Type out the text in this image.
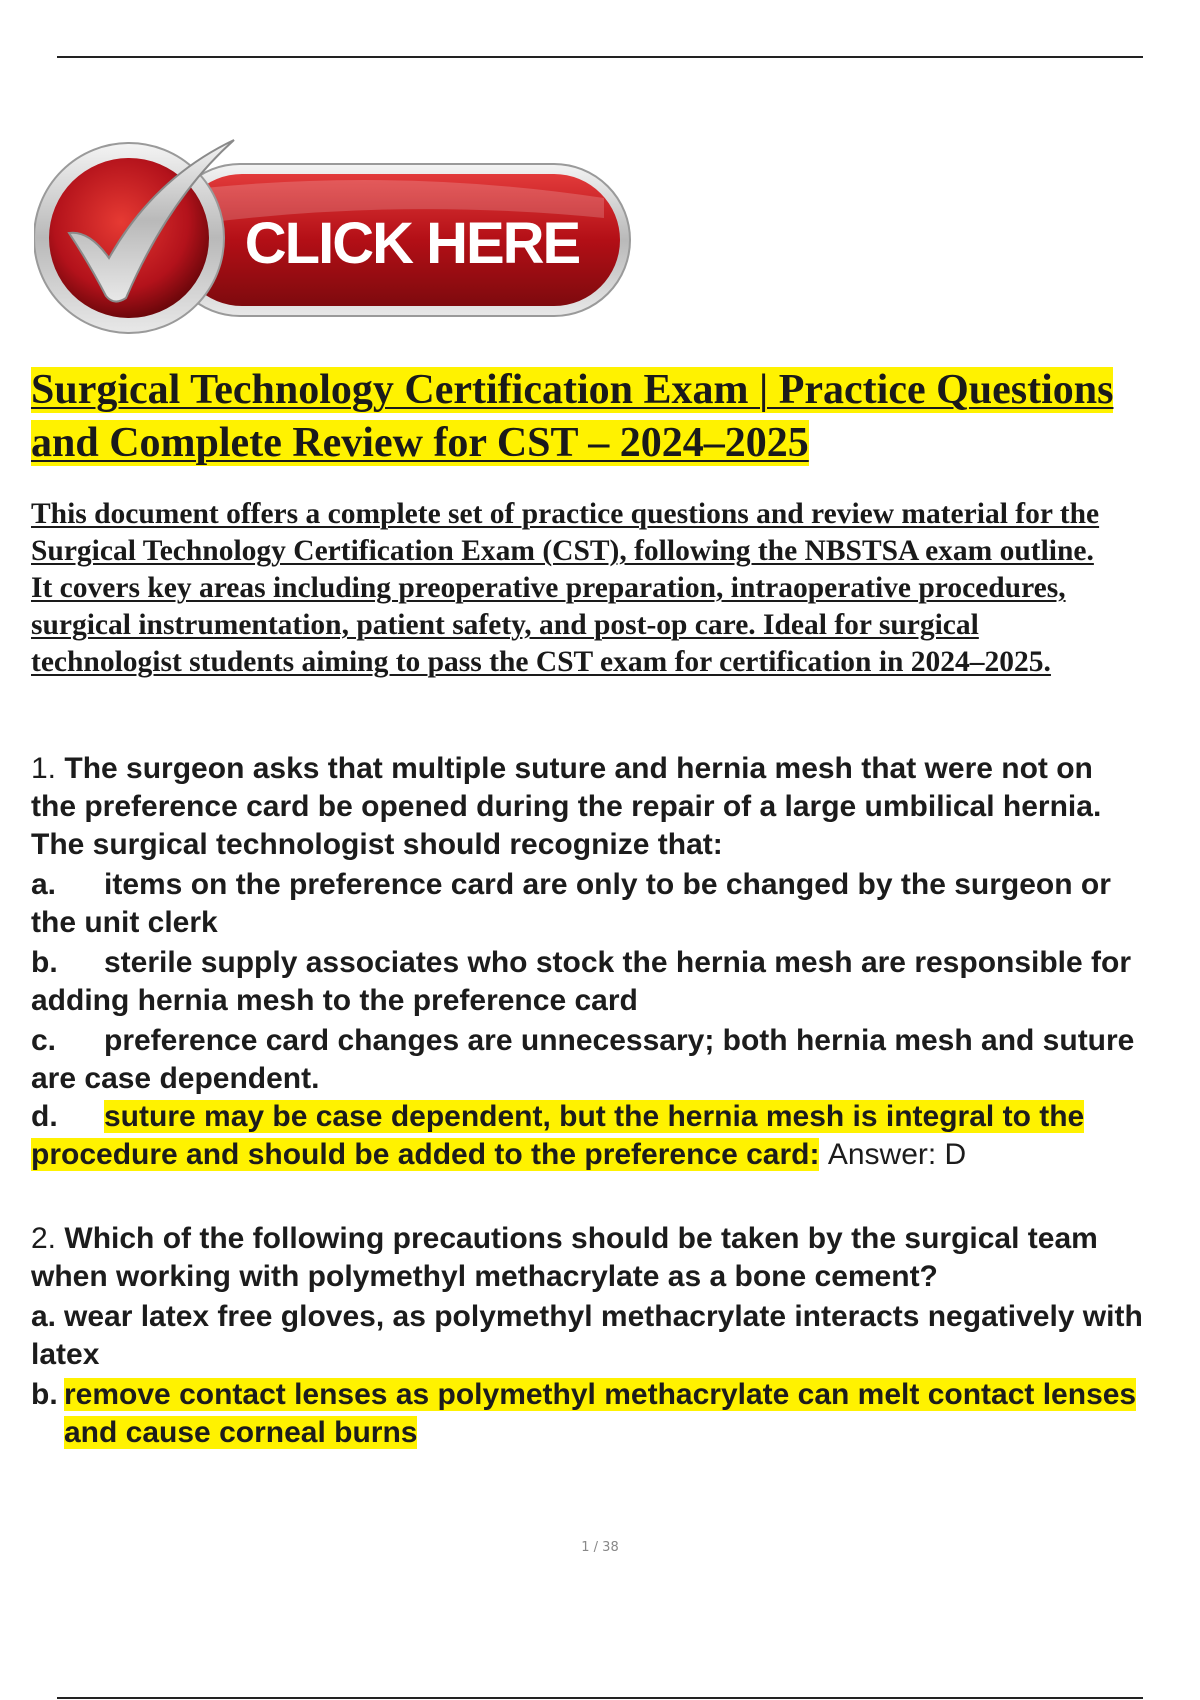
CLICK HERE
Surgical Technology Certification Exam | Practice Questions
and Complete Review for CST – 2024–2025
This document offers a complete set of practice questions and review material for the
Surgical Technology Certification Exam (CST), following the NBSTSA exam outline.
It covers key areas including preoperative preparation, intraoperative procedures,
surgical instrumentation, patient safety, and post-op care. Ideal for surgical
technologist students aiming to pass the CST exam for certification in 2024–2025.
1. The surgeon asks that multiple suture and hernia mesh that were not on
the preference card be opened during the repair of a large umbilical hernia.
The surgical technologist should recognize that:
a. items on the preference card are only to be changed by the surgeon or
the unit clerk
b. sterile supply associates who stock the hernia mesh are responsible for
adding hernia mesh to the preference card
c. preference card changes are unnecessary; both hernia mesh and suture
are case dependent.
d. suture may be case dependent, but the hernia mesh is integral to the
procedure and should be added to the preference card: Answer: D
2. Which of the following precautions should be taken by the surgical team
when working with polymethyl methacrylate as a bone cement?
a. wear latex free gloves, as polymethyl methacrylate interacts negatively with
latex
b. remove contact lenses as polymethyl methacrylate can melt contact lenses
and cause corneal burns
1 / 38
